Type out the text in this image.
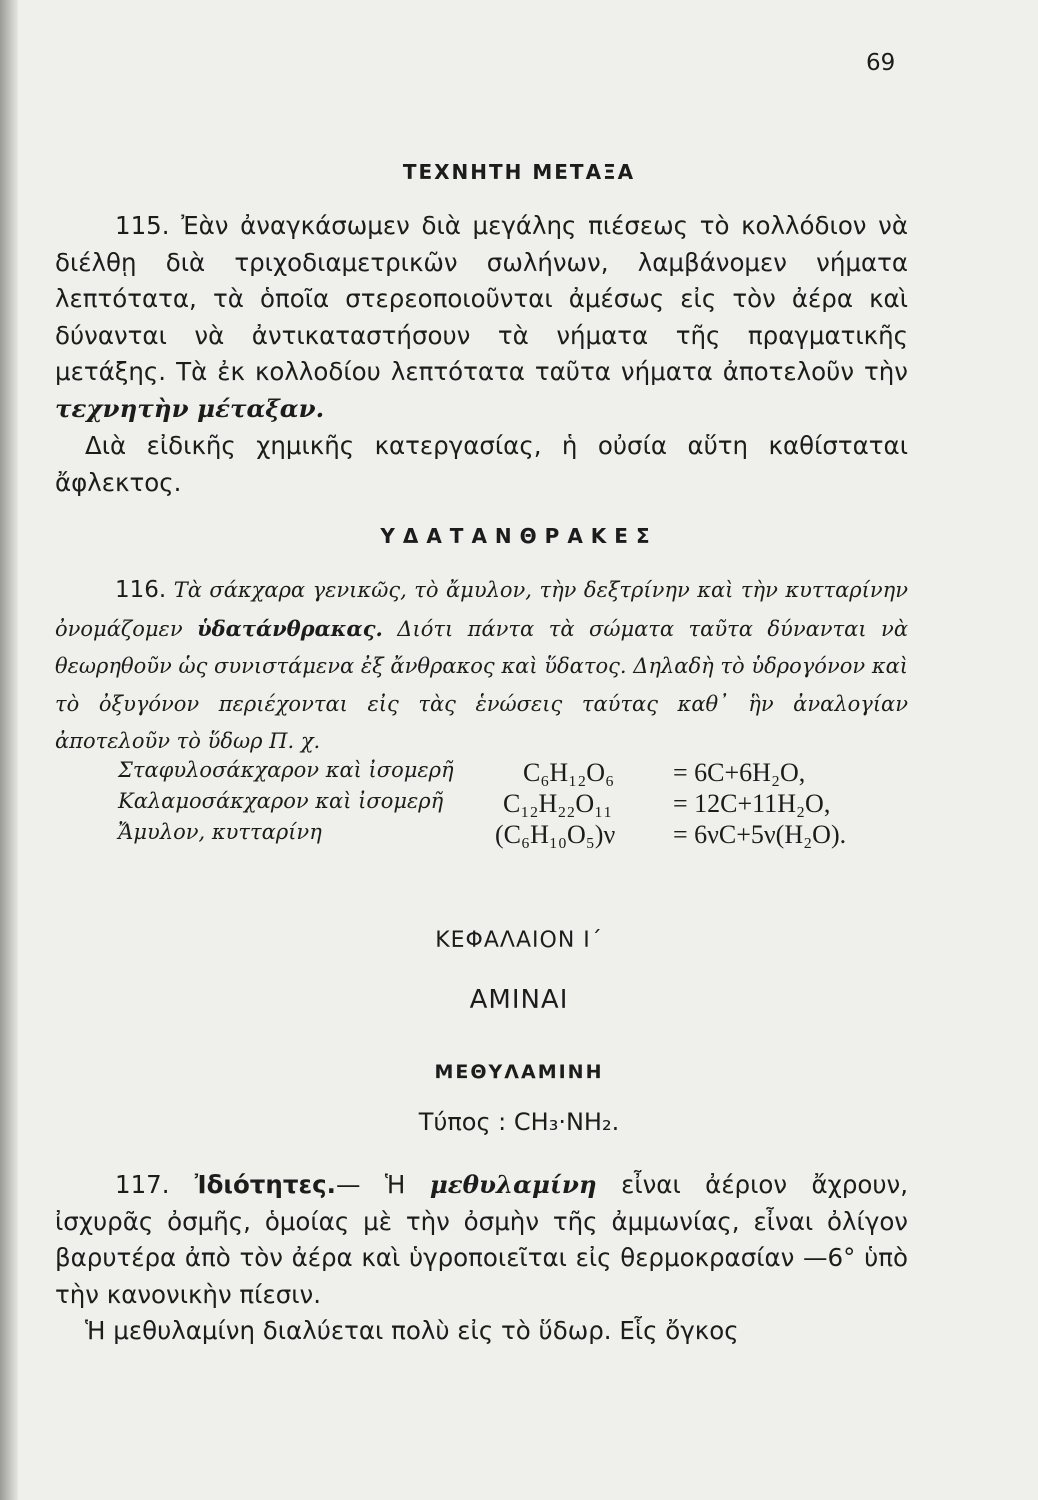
69
ΤΕΧΝΗΤΗ ΜΕΤΑΞΑ
115. Ἐὰν ἀναγκάσωμεν διὰ μεγάλης πιέσεως τὸ κολλόδιον νὰ διέλθῃ διὰ τριχοδιαμετρικῶν σωλήνων, λαμβάνομεν νήματα λεπτότατα, τὰ ὁποῖα στερεοποιοῦνται ἀμέσως εἰς τὸν ἀέρα καὶ δύνανται νὰ ἀντικαταστήσουν τὰ νήματα τῆς πραγματικῆς μετάξης. Τὰ ἐκ κολλοδίου λεπτότατα ταῦτα νήματα ἀποτελοῦν τὴν τεχνητὴν μέταξαν.
Διὰ εἰδικῆς χημικῆς κατεργασίας, ἡ οὐσία αὕτη καθίσταται ἄφλεκτος.
ΥΔΑΤΑΝΘΡΑΚΕΣ
116. Τὰ σάκχαρα γενικῶς, τὸ ἄμυλον, τὴν δεξτρίνην καὶ τὴν κυτταρίνην ὀνομάζομεν ὑδατάνθρακας. Διότι πάντα τὰ σώματα ταῦτα δύνανται νὰ θεωρηθοῦν ὡς συνιστάμενα ἐξ ἄνθρακος καὶ ὕδατος. Δηλαδὴ τὸ ὑδρογόνον καὶ τὸ ὀξυγόνον περιέχονται εἰς τὰς ἑνώσεις ταύτας καθ᾽ ἣν ἀναλογίαν ἀποτελοῦν τὸ ὕδωρ Π. χ.
Σταφυλοσάκχαρον καὶ ἰσομερῆ	C₆H₁₂O₆ = 6C+6H₂O,
Καλαμοσάκχαρον καὶ ἰσομερῆ C₁₂H₂₂O₁₁ = 12C+11H₂O,
Ἄμυλον, κυτταρίνη	(C₆H₁₀O₅)ν = 6νC+5ν(H₂O).
ΚΕΦΑΛΑΙΟΝ Ι΄
ΑΜΙΝΑΙ
ΜΕΘΥΛΑΜΙΝΗ
Τύπος : CH₃·NH₂.
117. Ἰδιότητες.— Ἡ μεθυλαμίνη εἶναι ἀέριον ἄχρουν, ἰσχυρᾶς ὀσμῆς, ὁμοίας μὲ τὴν ὀσμὴν τῆς ἀμμωνίας, εἶναι ὀλίγον βαρυτέρα ἀπὸ τὸν ἀέρα καὶ ὑγροποιεῖται εἰς θερμοκρασίαν —6° ὑπὸ τὴν κανονικὴν πίεσιν.
Ἡ μεθυλαμίνη διαλύεται πολὺ εἰς τὸ ὕδωρ. Εἷς ὄγκος
